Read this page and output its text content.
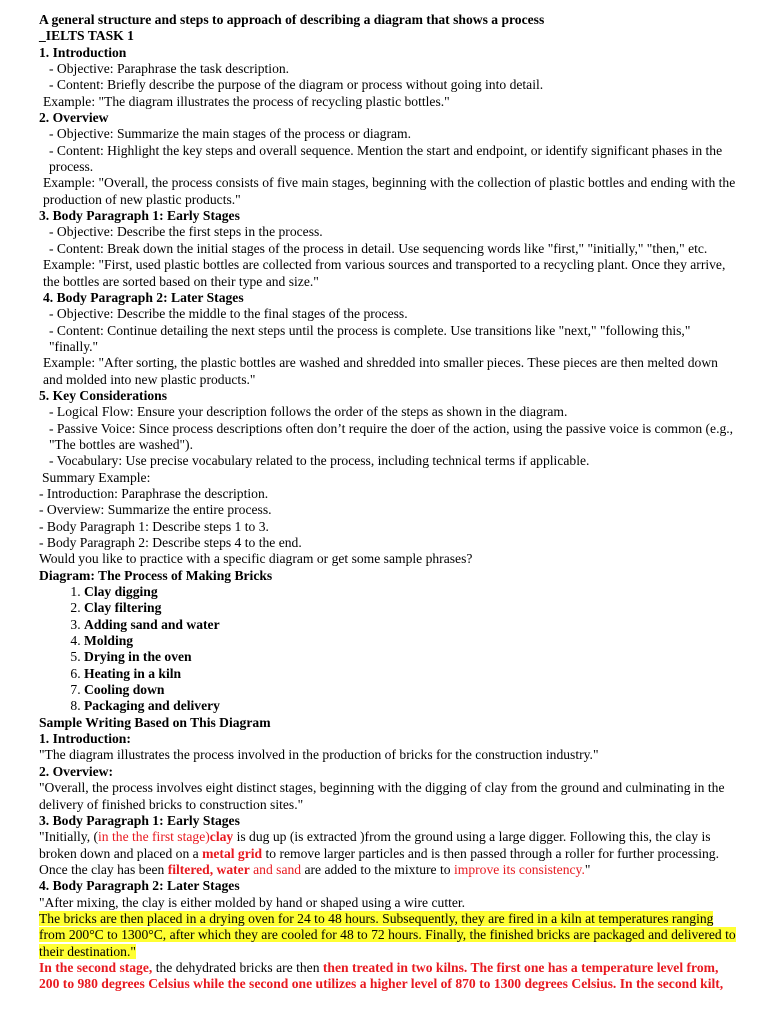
A general structure and steps to approach of describing a diagram that shows a process
_IELTS TASK 1
1. Introduction
- Objective: Paraphrase the task description.
- Content: Briefly describe the purpose of the diagram or process without going into detail.
Example: "The diagram illustrates the process of recycling plastic bottles."
2. Overview
- Objective: Summarize the main stages of the process or diagram.
- Content: Highlight the key steps and overall sequence. Mention the start and endpoint, or identify significant phases in the process.
Example: "Overall, the process consists of five main stages, beginning with the collection of plastic bottles and ending with the production of new plastic products."
3. Body Paragraph 1: Early Stages
- Objective: Describe the first steps in the process.
- Content: Break down the initial stages of the process in detail. Use sequencing words like "first," "initially," "then," etc.
Example: "First, used plastic bottles are collected from various sources and transported to a recycling plant. Once they arrive, the bottles are sorted based on their type and size."
4. Body Paragraph 2: Later Stages
- Objective: Describe the middle to the final stages of the process.
- Content: Continue detailing the next steps until the process is complete. Use transitions like "next," "following this," "finally."
Example: "After sorting, the plastic bottles are washed and shredded into smaller pieces. These pieces are then melted down and molded into new plastic products."
5. Key Considerations
- Logical Flow: Ensure your description follows the order of the steps as shown in the diagram.
- Passive Voice: Since process descriptions often don’t require the doer of the action, using the passive voice is common (e.g., "The bottles are washed").
- Vocabulary: Use precise vocabulary related to the process, including technical terms if applicable.
Summary Example:
- Introduction: Paraphrase the description.
- Overview: Summarize the entire process.
- Body Paragraph 1: Describe steps 1 to 3.
- Body Paragraph 2: Describe steps 4 to the end.
Would you like to practice with a specific diagram or get some sample phrases?
Diagram: The Process of Making Bricks
1. Clay digging
2. Clay filtering
3. Adding sand and water
4. Molding
5. Drying in the oven
6. Heating in a kiln
7. Cooling down
8. Packaging and delivery
Sample Writing Based on This Diagram
1. Introduction:
"The diagram illustrates the process involved in the production of bricks for the construction industry."
2. Overview:
"Overall, the process involves eight distinct stages, beginning with the digging of clay from the ground and culminating in the delivery of finished bricks to construction sites."
3. Body Paragraph 1: Early Stages
"Initially, (in the the first stage)clay is dug up (is extracted )from the ground using a large digger. Following this, the clay is broken down and placed on a metal grid to remove larger particles and is then passed through a roller for further processing. Once the clay has been filtered, water and sand are added to the mixture to improve its consistency."
4. Body Paragraph 2: Later Stages
"After mixing, the clay is either molded by hand or shaped using a wire cutter.
The bricks are then placed in a drying oven for 24 to 48 hours. Subsequently, they are fired in a kiln at temperatures ranging from 200°C to 1300°C, after which they are cooled for 48 to 72 hours. Finally, the finished bricks are packaged and delivered to their destination."
In the second stage, the dehydrated bricks are then then treated in two kilns. The first one has a temperature level from, 200 to 980 degrees Celsius while the second one utilizes a higher level of 870 to 1300 degrees Celsius. In the second kilt,
